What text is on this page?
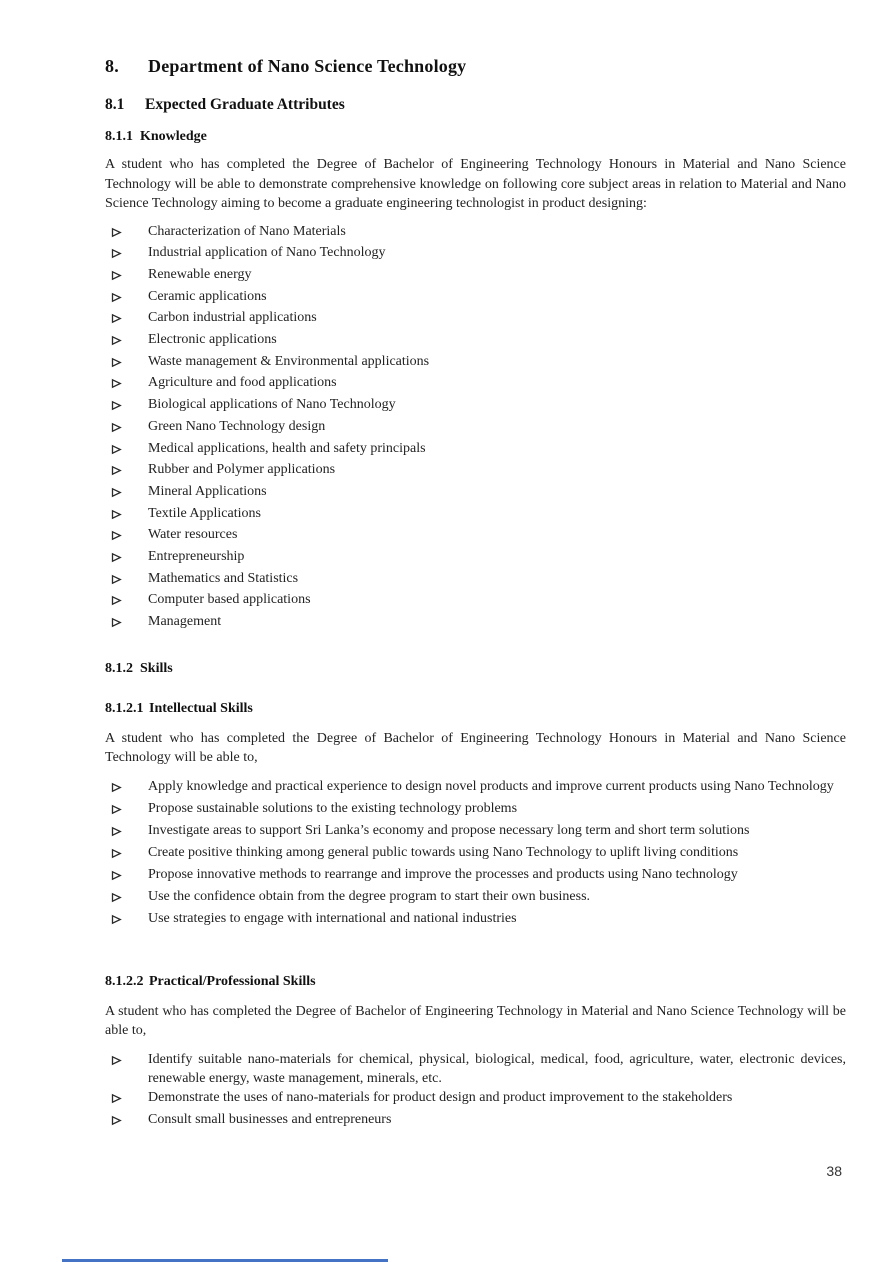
8.	Department of Nano Science Technology
8.1	Expected Graduate Attributes
8.1.1 Knowledge

A student who has completed the Degree of Bachelor of Engineering Technology Honours in Material and Nano Science Technology will be able to demonstrate comprehensive knowledge on following core subject areas in relation to Material and Nano Science Technology aiming to become a graduate engineering technologist in product designing:

Characterization of Nano Materials
Industrial application of Nano Technology
Renewable energy
Ceramic applications
Carbon industrial applications
Electronic applications
Waste management & Environmental applications
Agriculture and food applications
Biological applications of Nano Technology
Green Nano Technology design
Medical applications, health and safety principals
Rubber and Polymer applications
Mineral Applications
Textile Applications
Water resources
Entrepreneurship
Mathematics and Statistics
Computer based applications
Management
8.1.2 Skills
8.1.2.1 Intellectual Skills

A student who has completed the Degree of Bachelor of Engineering Technology Honours in Material and Nano Science Technology will be able to,

Apply knowledge and practical experience to design novel products and improve current products using Nano Technology
Propose sustainable solutions to the existing technology problems
Investigate areas to support Sri Lanka’s economy and propose necessary long term and short term solutions
Create positive thinking among general public towards using Nano Technology to uplift living conditions
Propose innovative methods to rearrange and improve the processes and products using Nano technology
Use the confidence obtain from the degree program to start their own business.
Use strategies to engage with international and national industries
8.1.2.2 Practical/Professional Skills

A student who has completed the Degree of Bachelor of Engineering Technology in Material and Nano Science Technology will be able to,

Identify suitable nano-materials for chemical, physical, biological, medical, food, agriculture, water, electronic devices, renewable energy, waste management, minerals, etc.
Demonstrate the uses of nano-materials for product design and product improvement to the stakeholders
Consult small businesses and entrepreneurs
38
